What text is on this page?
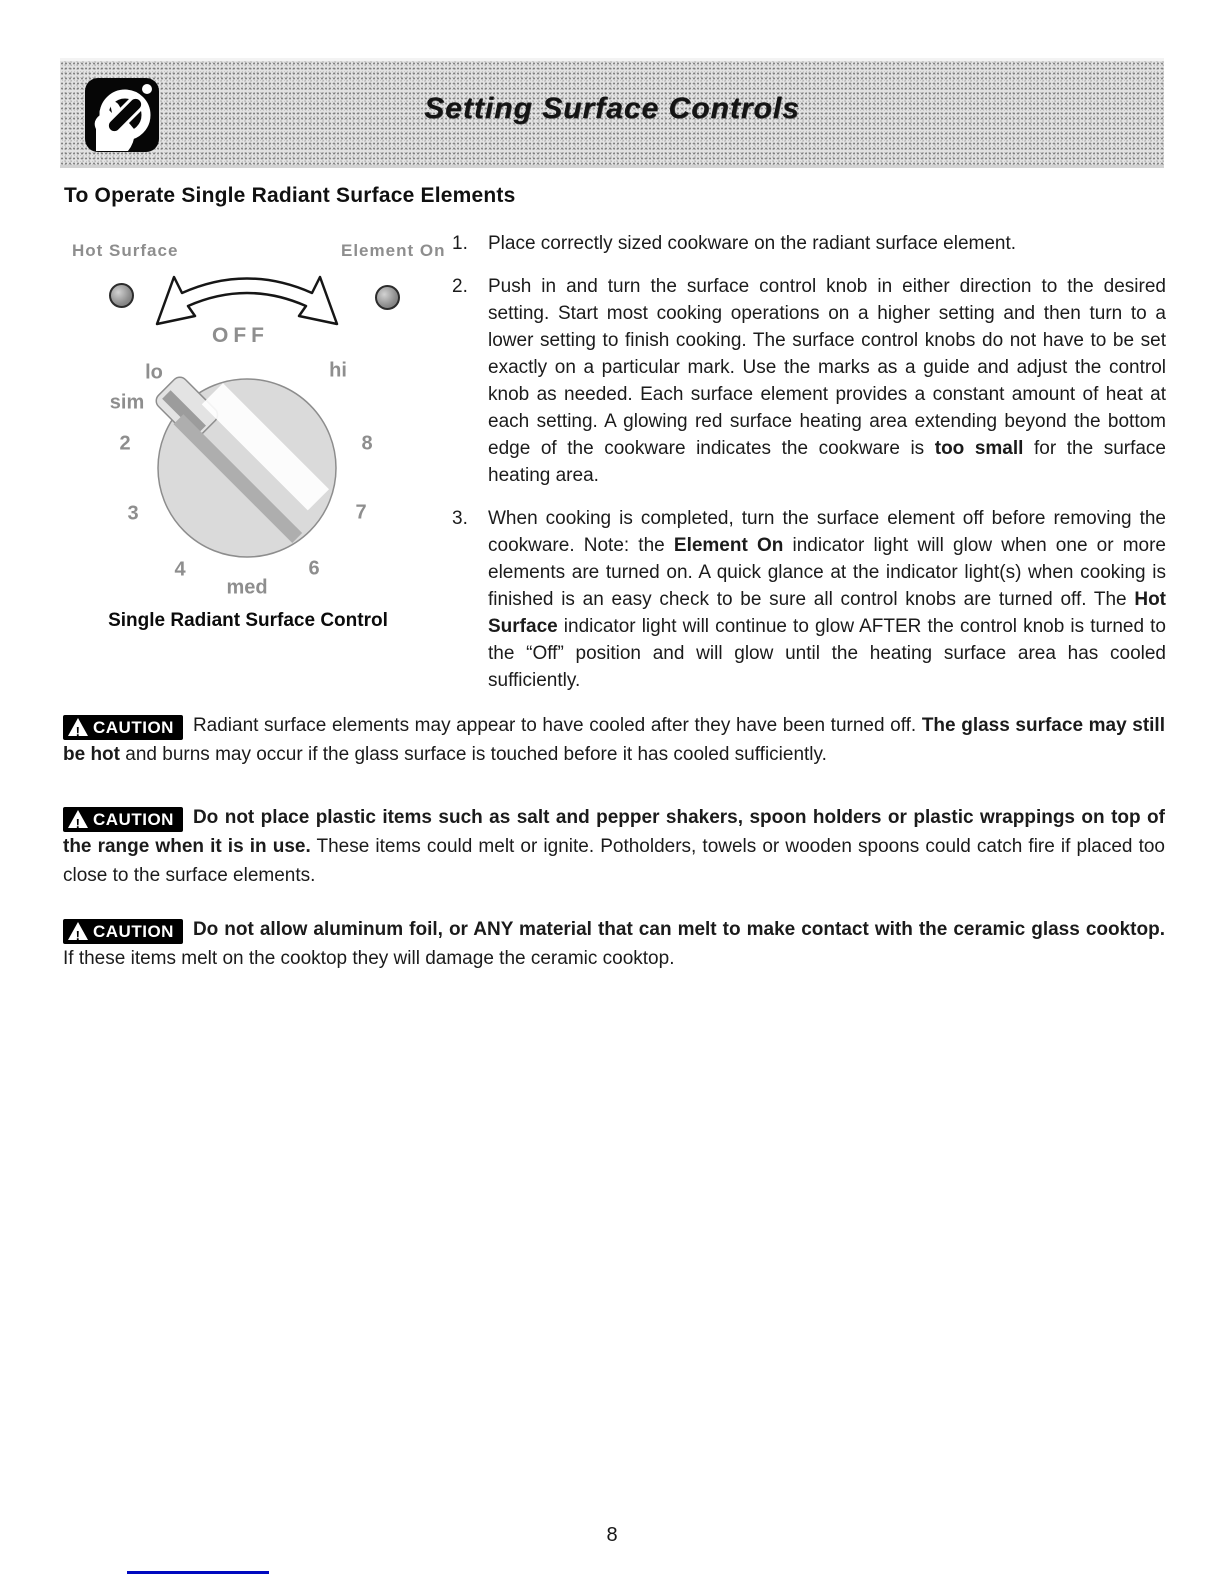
Setting Surface Controls
To Operate Single Radiant Surface Elements
Hot Surface	Element On
OFF
lo	hi
sim
2	8
3	7
4	6
med
Single Radiant Surface Control
1.	Place correctly sized cookware on the radiant surface element.
2.	Push in and turn the surface control knob in either direction to the desired setting. Start most cooking operations on a higher setting and then turn to a lower setting to finish cooking. The surface control knobs do not have to be set exactly on a particular mark. Use the marks as a guide and adjust the control knob as needed. Each surface element provides a constant amount of heat at each setting. A glowing red surface heating area extending beyond the bottom edge of the cookware indicates the cookware is too small for the surface heating area.
3.	When cooking is completed, turn the surface element off before removing the cookware. Note: the Element On indicator light will glow when one or more elements are turned on. A quick glance at the indicator light(s) when cooking is finished is an easy check to be sure all control knobs are turned off. The Hot Surface indicator light will continue to glow AFTER the control knob is turned to the “Off” position and will glow until the heating surface area has cooled sufficiently.

!
CAUTION Radiant surface elements may appear to have cooled after they have been turned off. The glass surface may still be hot and burns may occur if the glass surface is touched before it has cooled sufficiently.

!
CAUTION Do not place plastic items such as salt and pepper shakers, spoon holders or plastic wrappings on top of the range when it is in use. These items could melt or ignite. Potholders, towels or wooden spoons could catch fire if placed too close to the surface elements.

!
CAUTION Do not allow aluminum foil, or ANY material that can melt to make contact with the ceramic glass cooktop. If these items melt on the cooktop they will damage the ceramic cooktop.

8
